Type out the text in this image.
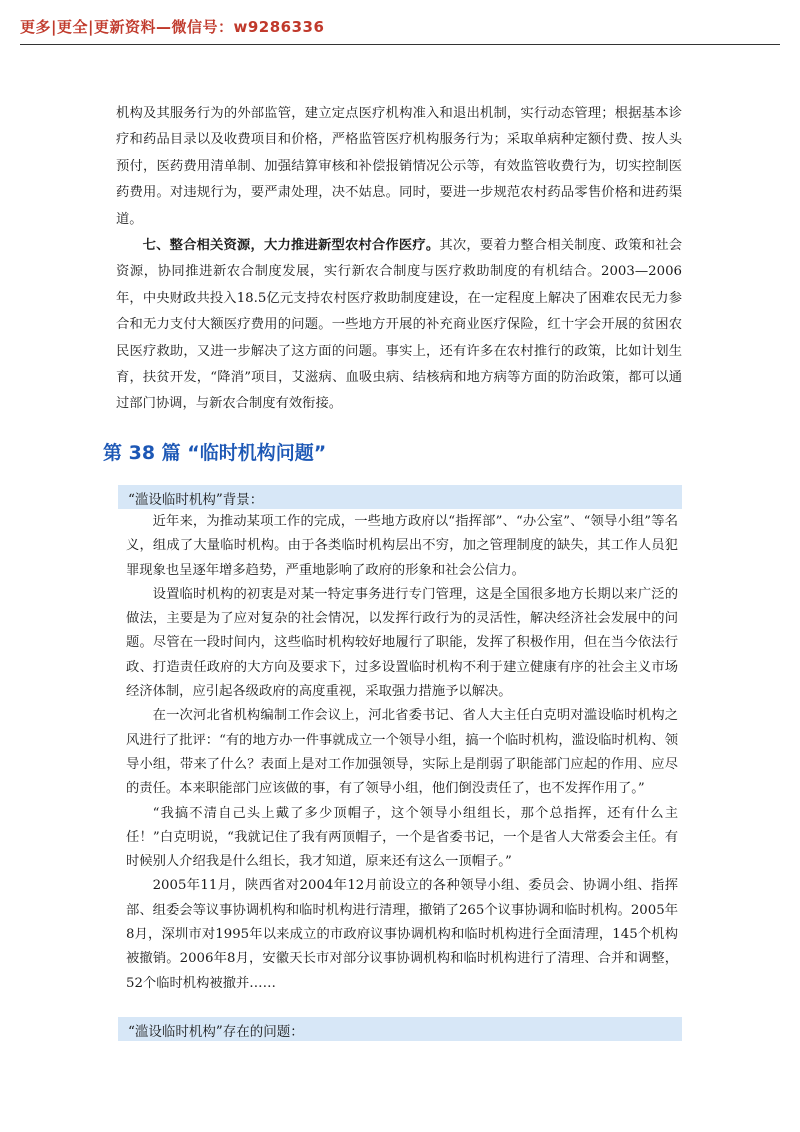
更多|更全|更新资料—微信号：w9286336

机构及其服务行为的外部监管，建立定点医疗机构准入和退出机制，实行动态管理；根据基本诊疗和药品目录以及收费项目和价格，严格监管医疗机构服务行为；采取单病种定额付费、按人头预付，医药费用清单制、加强结算审核和补偿报销情况公示等，有效监管收费行为，切实控制医药费用。对违规行为，要严肃处理，决不姑息。同时，要进一步规范农村药品零售价格和进药渠道。

七、整合相关资源，大力推进新型农村合作医疗。其次，要着力整合相关制度、政策和社会资源，协同推进新农合制度发展，实行新农合制度与医疗救助制度的有机结合。2003—2006年，中央财政共投入18.5亿元支持农村医疗救助制度建设，在一定程度上解决了困难农民无力参合和无力支付大额医疗费用的问题。一些地方开展的补充商业医疗保险，红十字会开展的贫困农民医疗救助，又进一步解决了这方面的问题。事实上，还有许多在农村推行的政策，比如计划生育，扶贫开发，“降消”项目，艾滋病、血吸虫病、结核病和地方病等方面的防治政策，都可以通过部门协调，与新农合制度有效衔接。

第 38 篇 “临时机构问题”
“滥设临时机构”背景：

近年来，为推动某项工作的完成，一些地方政府以“指挥部”、“办公室”、“领导小组”等名义，组成了大量临时机构。由于各类临时机构层出不穷，加之管理制度的缺失，其工作人员犯罪现象也呈逐年增多趋势，严重地影响了政府的形象和社会公信力。

设置临时机构的初衷是对某一特定事务进行专门管理，这是全国很多地方长期以来广泛的做法，主要是为了应对复杂的社会情况，以发挥行政行为的灵活性，解决经济社会发展中的问题。尽管在一段时间内，这些临时机构较好地履行了职能，发挥了积极作用，但在当今依法行政、打造责任政府的大方向及要求下，过多设置临时机构不利于建立健康有序的社会主义市场经济体制，应引起各级政府的高度重视，采取强力措施予以解决。

在一次河北省机构编制工作会议上，河北省委书记、省人大主任白克明对滥设临时机构之风进行了批评：“有的地方办一件事就成立一个领导小组，搞一个临时机构，滥设临时机构、领导小组，带来了什么？表面上是对工作加强领导，实际上是削弱了职能部门应起的作用、应尽的责任。本来职能部门应该做的事，有了领导小组，他们倒没责任了，也不发挥作用了。”

“我搞不清自己头上戴了多少顶帽子，这个领导小组组长，那个总指挥，还有什么主任！”白克明说，“我就记住了我有两顶帽子，一个是省委书记，一个是省人大常委会主任。有时候别人介绍我是什么组长，我才知道，原来还有这么一顶帽子。”

2005年11月，陕西省对2004年12月前设立的各种领导小组、委员会、协调小组、指挥部、组委会等议事协调机构和临时机构进行清理，撤销了265个议事协调和临时机构。2005年8月，深圳市对1995年以来成立的市政府议事协调机构和临时机构进行全面清理，145个机构被撤销。2006年8月，安徽天长市对部分议事协调机构和临时机构进行了清理、合并和调整，52个临时机构被撤并……

“滥设临时机构”存在的问题：
